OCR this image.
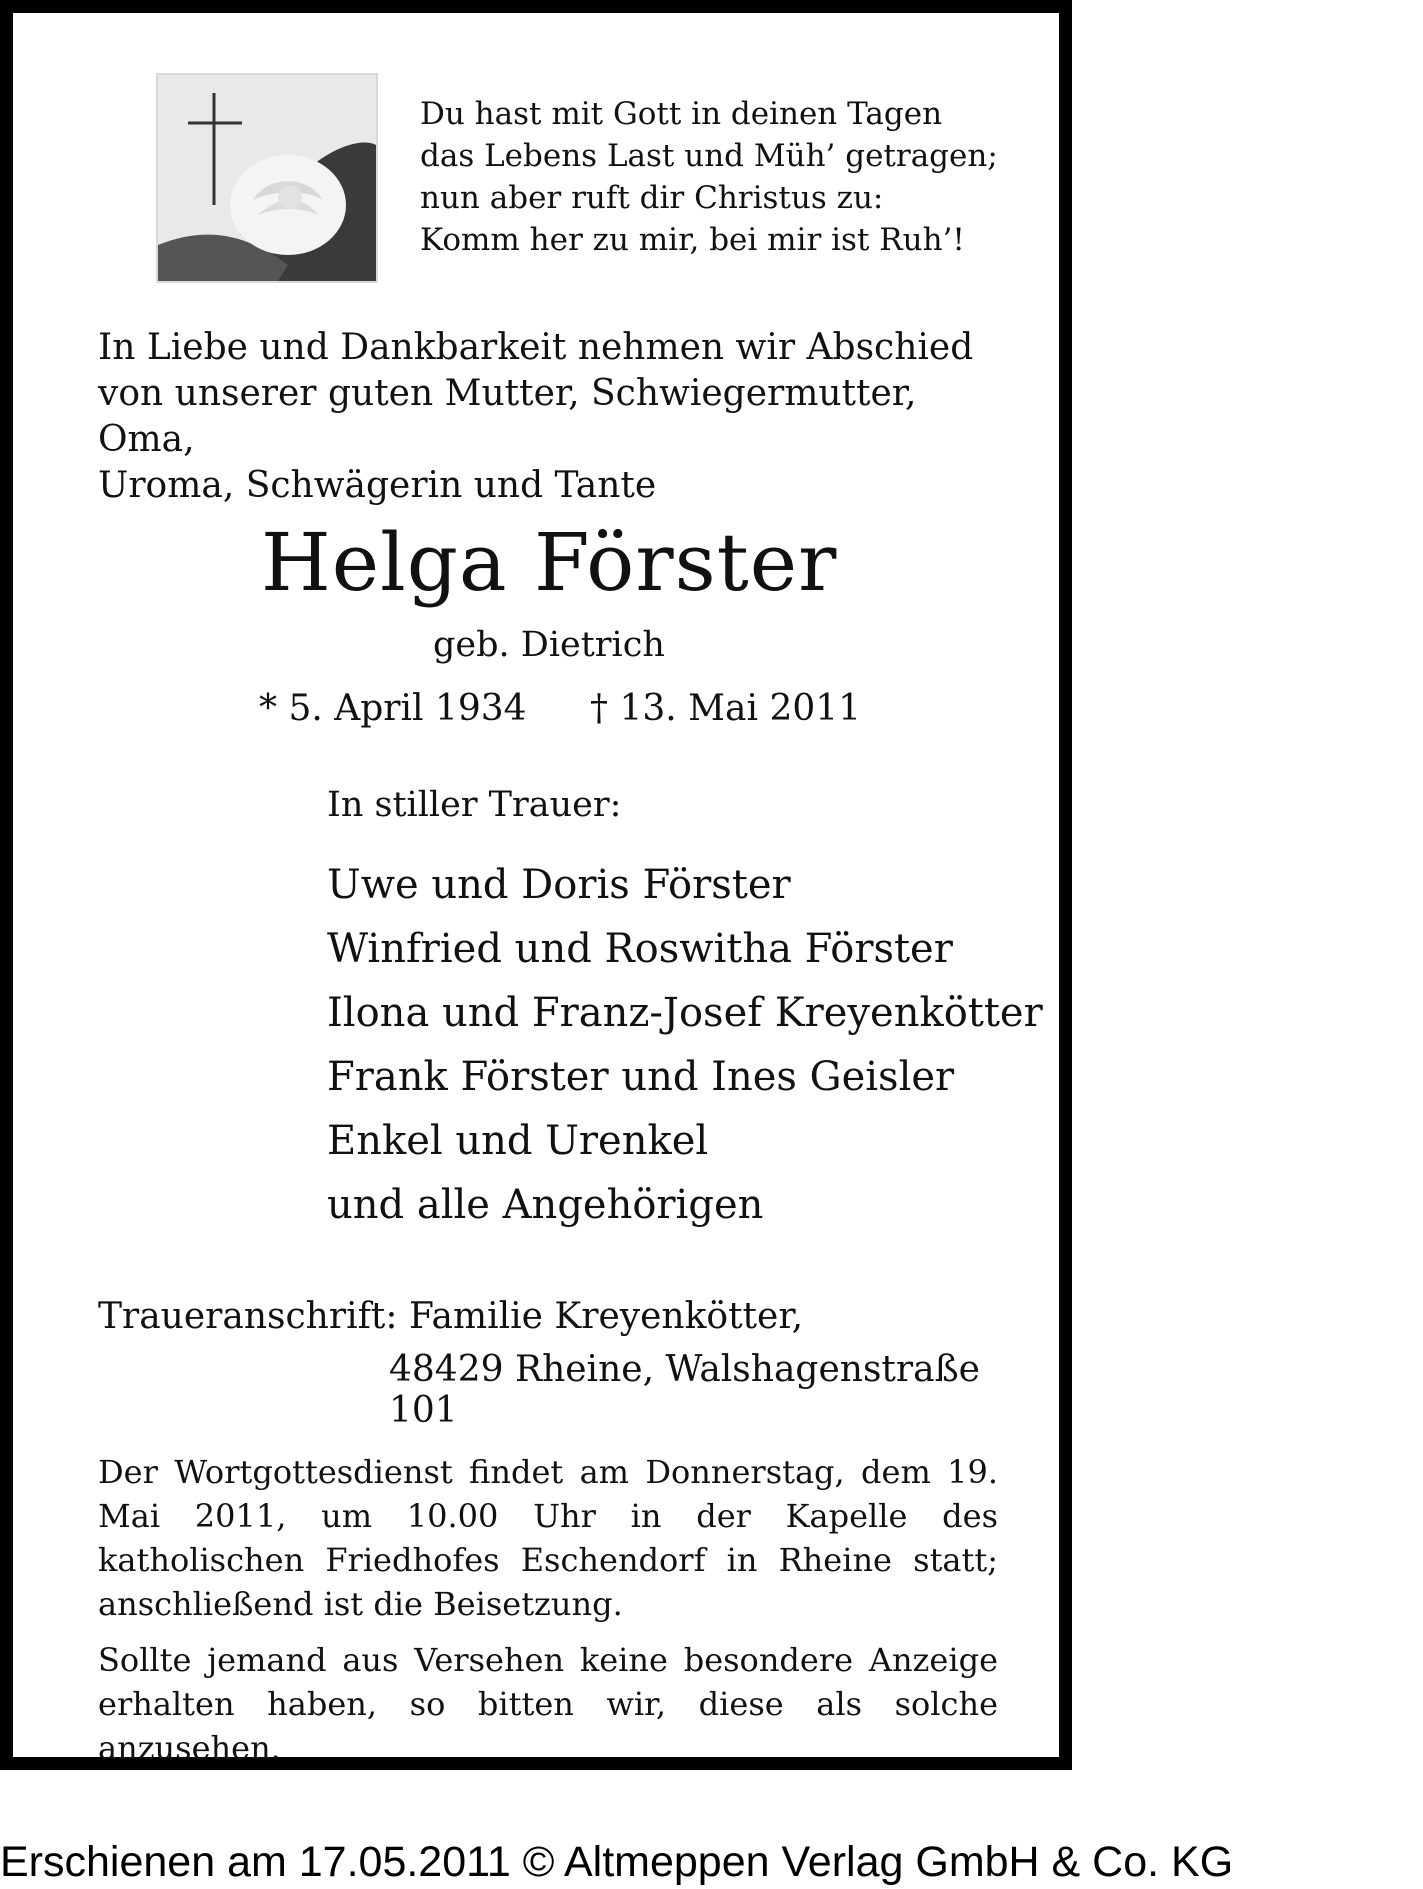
Du hast mit Gott in deinen Tagen

das Lebens Last und Müh’ getragen;

nun aber ruft dir Christus zu:

Komm her zu mir, bei mir ist Ruh’!

In Liebe und Dankbarkeit nehmen wir Abschied

von unserer guten Mutter, Schwiegermutter, Oma,

Uroma, Schwägerin und Tante

Helga Förster
geb. Dietrich
* 5. April 1934 † 13. Mai 2011
In stiller Trauer:
Uwe und Doris Förster
Winfried und Roswitha Förster
Ilona und Franz-Josef Kreyenkötter
Frank Förster und Ines Geisler
Enkel und Urenkel
und alle Angehörigen
Traueranschrift: Familie Kreyenkötter,
48429 Rheine, Walshagenstraße 101

Der Wortgottesdienst findet am Donnerstag, dem 19. Mai 2011, um 10.00 Uhr in der Kapelle des katholischen Friedhofes Eschendorf in Rheine statt; anschließend ist die Beisetzung.

Sollte jemand aus Versehen keine besondere Anzeige erhalten haben, so bitten wir, diese als solche anzusehen.

Erschienen am 17.05.2011 © Altmeppen Verlag GmbH & Co. KG
